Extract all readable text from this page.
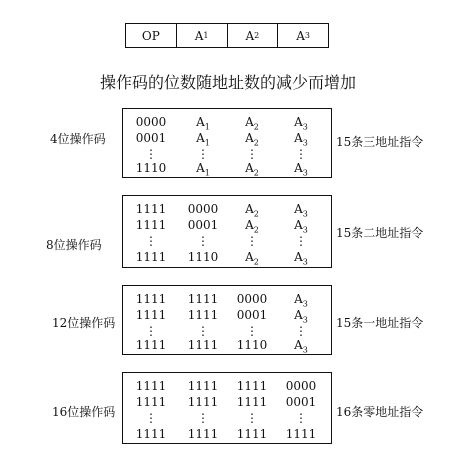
OP	A 1	A 2	A 3
操作码的位数随地址数的减少而增加
4位操作码
0000	$A_1$	$A_2$	$A_3$
0001	$A_1$	$A_2$	$A_3$
⋮	⋮	⋮	⋮
1110	$A_1$	$A_2$	$A_3$
15条三地址指令
8位操作码
1111	0000	$A_2$	$A_3$
1111	0001	$A_2$	$A_3$
⋮	⋮	⋮	⋮
1111	1110	$A_2$	$A_3$
15条二地址指令
12位操作码
1111	1111	0000	$A_3$
1111	1111	0001	$A_3$
⋮	⋮	⋮	⋮
1111	1111	1110	$A_3$
15条一地址指令
16位操作码
1111	1111	1111	0000
1111	1111	1111	0001
⋮	⋮	⋮	⋮
1111	1111	1111	1111
16条零地址指令
